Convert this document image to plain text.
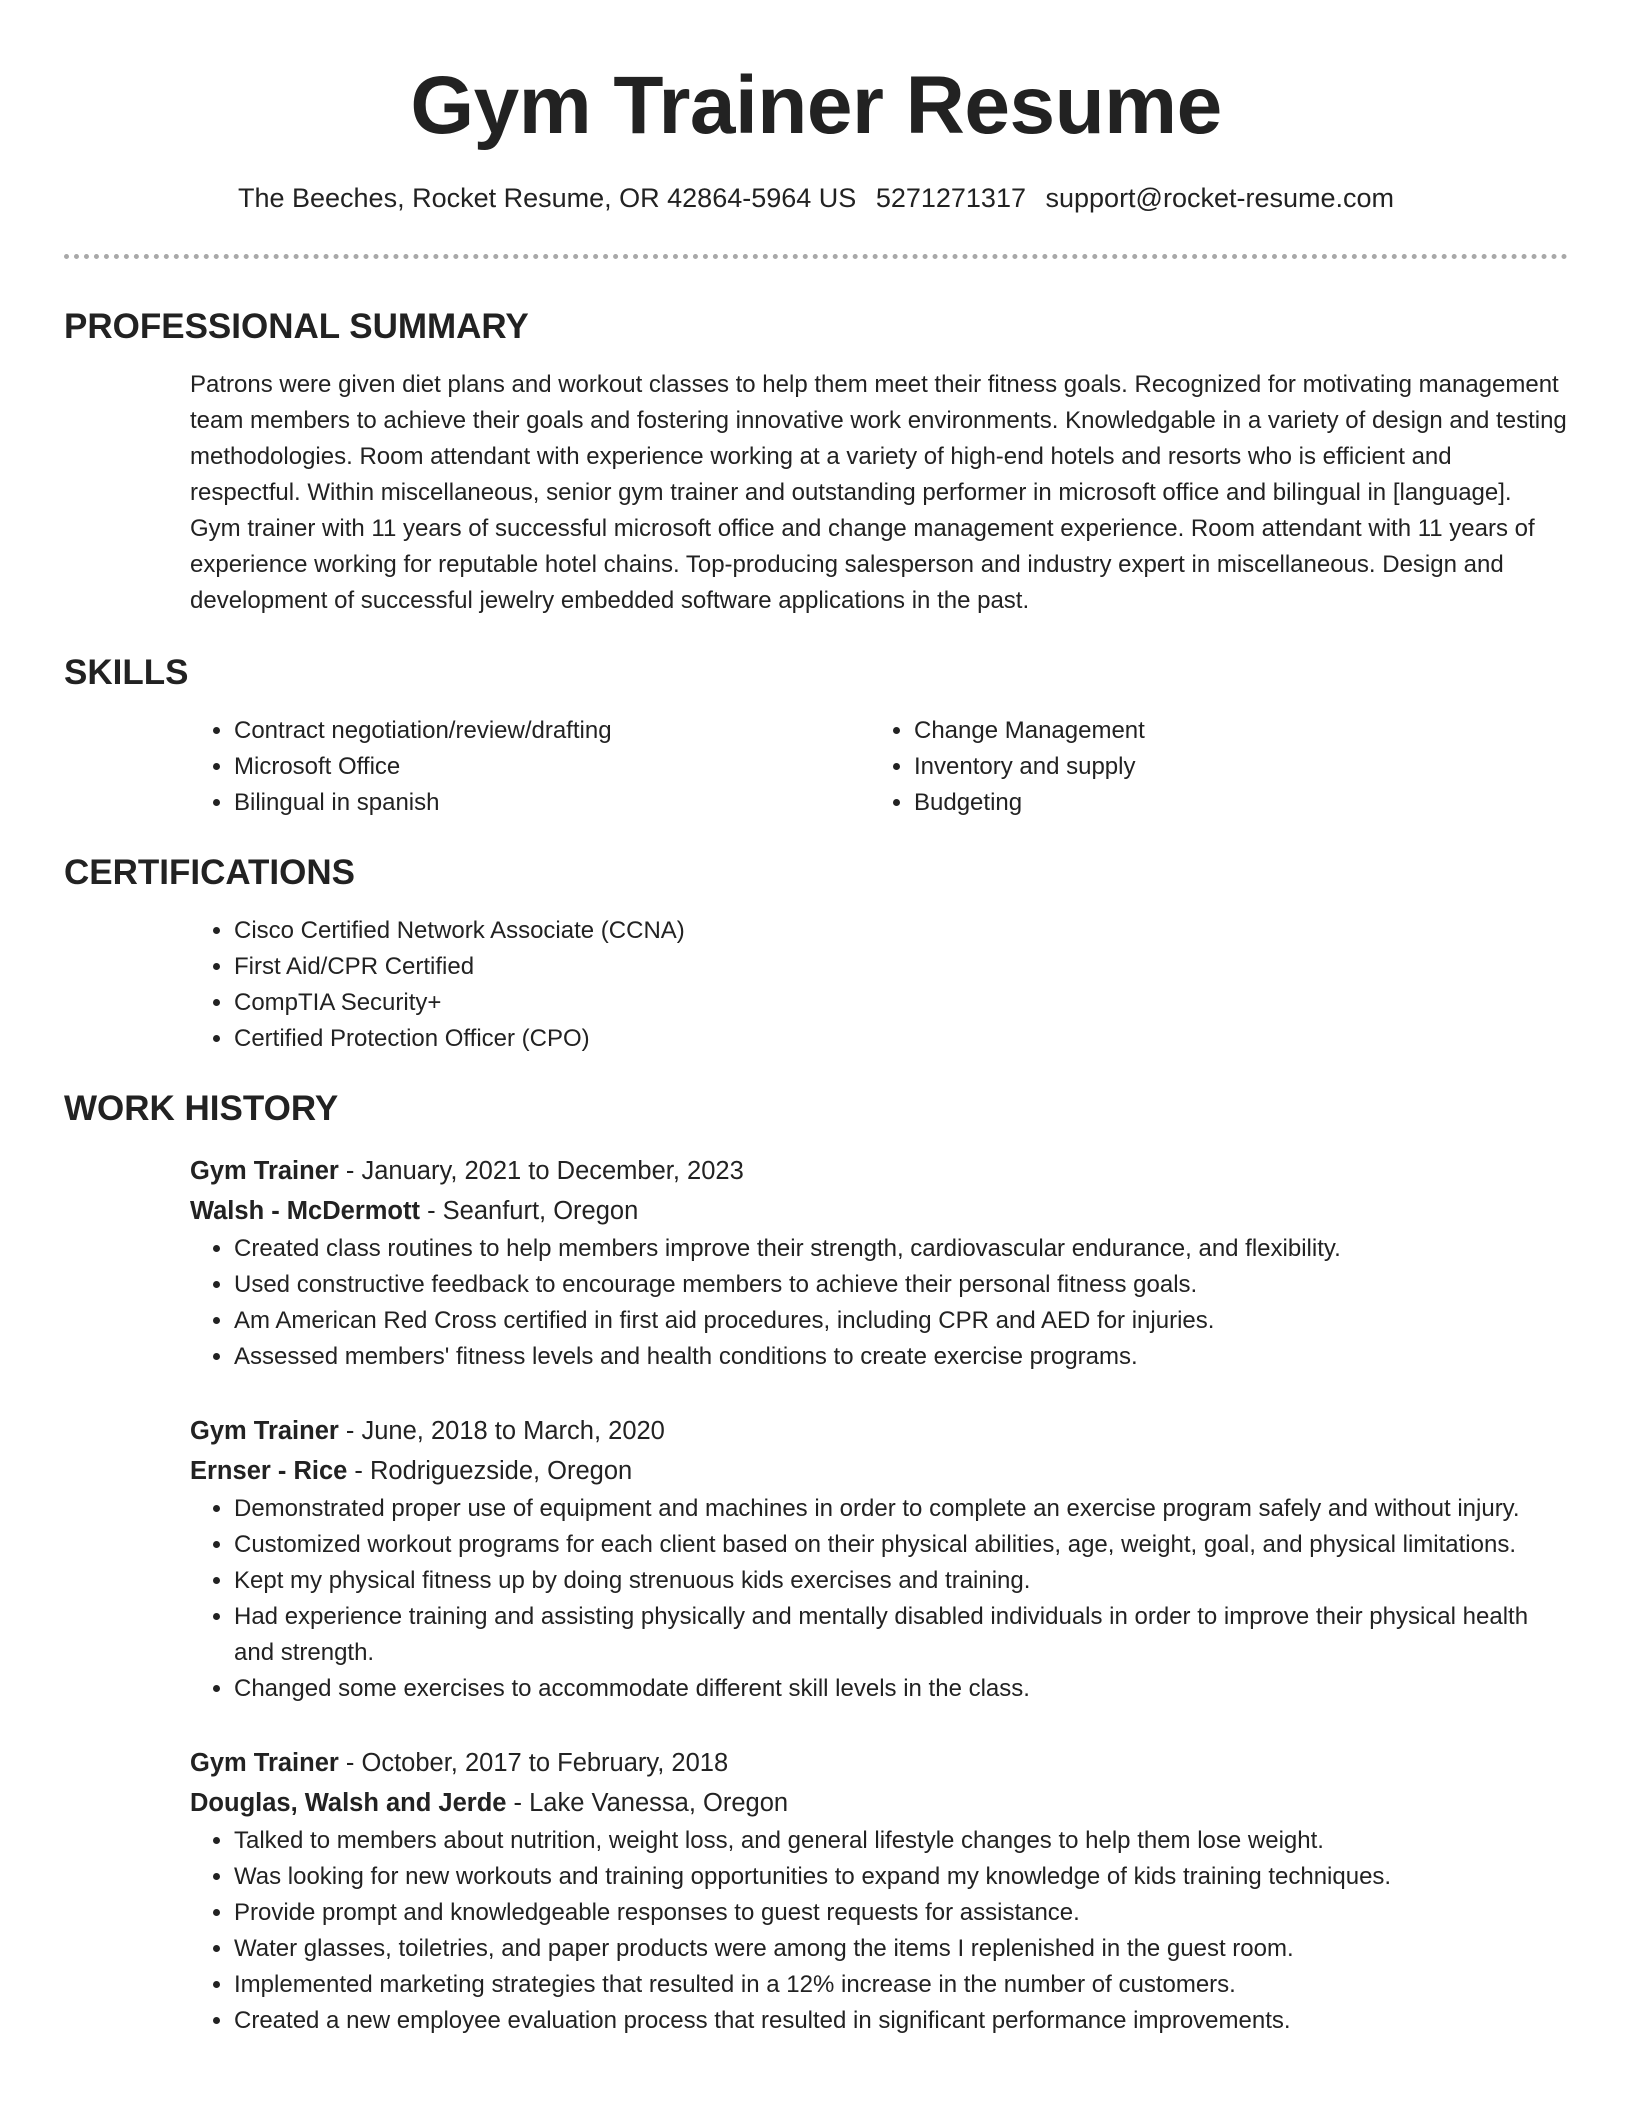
Gym Trainer Resume
The Beeches, Rocket Resume, OR 42864-5964 US 5271271317 support@rocket-resume.com
PROFESSIONAL SUMMARY

Patrons were given diet plans and workout classes to help them meet their fitness goals. Recognized for motivating management team members to achieve their goals and fostering innovative work environments. Knowledgable in a variety of design and testing methodologies. Room attendant with experience working at a variety of high-end hotels and resorts who is efficient and respectful. Within miscellaneous, senior gym trainer and outstanding performer in microsoft office and bilingual in [language]. Gym trainer with 11 years of successful microsoft office and change management experience. Room attendant with 11 years of experience working for reputable hotel chains. Top-producing salesperson and industry expert in miscellaneous. Design and development of successful jewelry embedded software applications in the past.

SKILLS
• Contract negotiation/review/drafting
• Microsoft Office
• Bilingual in spanish
• Change Management
• Inventory and supply
• Budgeting
CERTIFICATIONS
• Cisco Certified Network Associate (CCNA)
• First Aid/CPR Certified
• CompTIA Security+
• Certified Protection Officer (CPO)
WORK HISTORY
Gym Trainer - January, 2021 to December, 2023
Walsh - McDermott - Seanfurt, Oregon
• Created class routines to help members improve their strength, cardiovascular endurance, and flexibility.
• Used constructive feedback to encourage members to achieve their personal fitness goals.
• Am American Red Cross certified in first aid procedures, including CPR and AED for injuries.
• Assessed members' fitness levels and health conditions to create exercise programs.
Gym Trainer - June, 2018 to March, 2020
Ernser - Rice - Rodriguezside, Oregon
• Demonstrated proper use of equipment and machines in order to complete an exercise program safely and without injury.
• Customized workout programs for each client based on their physical abilities, age, weight, goal, and physical limitations.
• Kept my physical fitness up by doing strenuous kids exercises and training.
• Had experience training and assisting physically and mentally disabled individuals in order to improve their physical health and strength.
• Changed some exercises to accommodate different skill levels in the class.
Gym Trainer - October, 2017 to February, 2018
Douglas, Walsh and Jerde - Lake Vanessa, Oregon
• Talked to members about nutrition, weight loss, and general lifestyle changes to help them lose weight.
• Was looking for new workouts and training opportunities to expand my knowledge of kids training techniques.
• Provide prompt and knowledgeable responses to guest requests for assistance.
• Water glasses, toiletries, and paper products were among the items I replenished in the guest room.
• Implemented marketing strategies that resulted in a 12% increase in the number of customers.
• Created a new employee evaluation process that resulted in significant performance improvements.
